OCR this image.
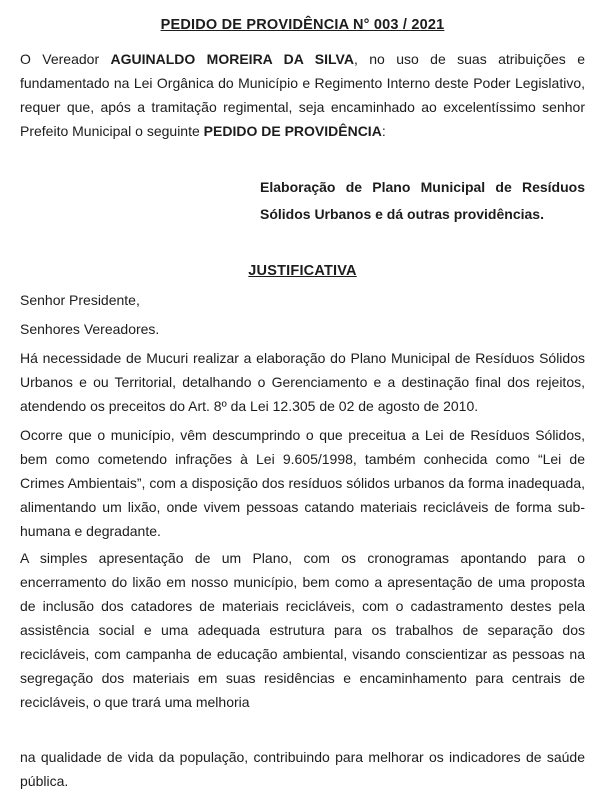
PEDIDO DE PROVIDÊNCIA N° 003 / 2021

O Vereador AGUINALDO MOREIRA DA SILVA, no uso de suas atribuições e fundamentado na Lei Orgânica do Município e Regimento Interno deste Poder Legislativo, requer que, após a tramitação regimental, seja encaminhado ao excelentíssimo senhor Prefeito Municipal o seguinte PEDIDO DE PROVIDÊNCIA:

Elaboração de Plano Municipal de Resíduos Sólidos Urbanos e dá outras providências.

JUSTIFICATIVA

Senhor Presidente,

Senhores Vereadores.

Há necessidade de Mucuri realizar a elaboração do Plano Municipal de Resíduos Sólidos Urbanos e ou Territorial, detalhando o Gerenciamento e a destinação final dos rejeitos, atendendo os preceitos do Art. 8º da Lei 12.305 de 02 de agosto de 2010.

Ocorre que o município, vêm descumprindo o que preceitua a Lei de Resíduos Sólidos, bem como cometendo infrações à Lei 9.605/1998, também conhecida como “Lei de Crimes Ambientais”, com a disposição dos resíduos sólidos urbanos da forma inadequada, alimentando um lixão, onde vivem pessoas catando materiais recicláveis de forma sub-humana e degradante.

A simples apresentação de um Plano, com os cronogramas apontando para o encerramento do lixão em nosso município, bem como a apresentação de uma proposta de inclusão dos catadores de materiais recicláveis, com o cadastramento destes pela assistência social e uma adequada estrutura para os trabalhos de separação dos recicláveis, com campanha de educação ambiental, visando conscientizar as pessoas na segregação dos materiais em suas residências e encaminhamento para centrais de recicláveis, o que trará uma melhoria

na qualidade de vida da população, contribuindo para melhorar os indicadores de saúde pública.
